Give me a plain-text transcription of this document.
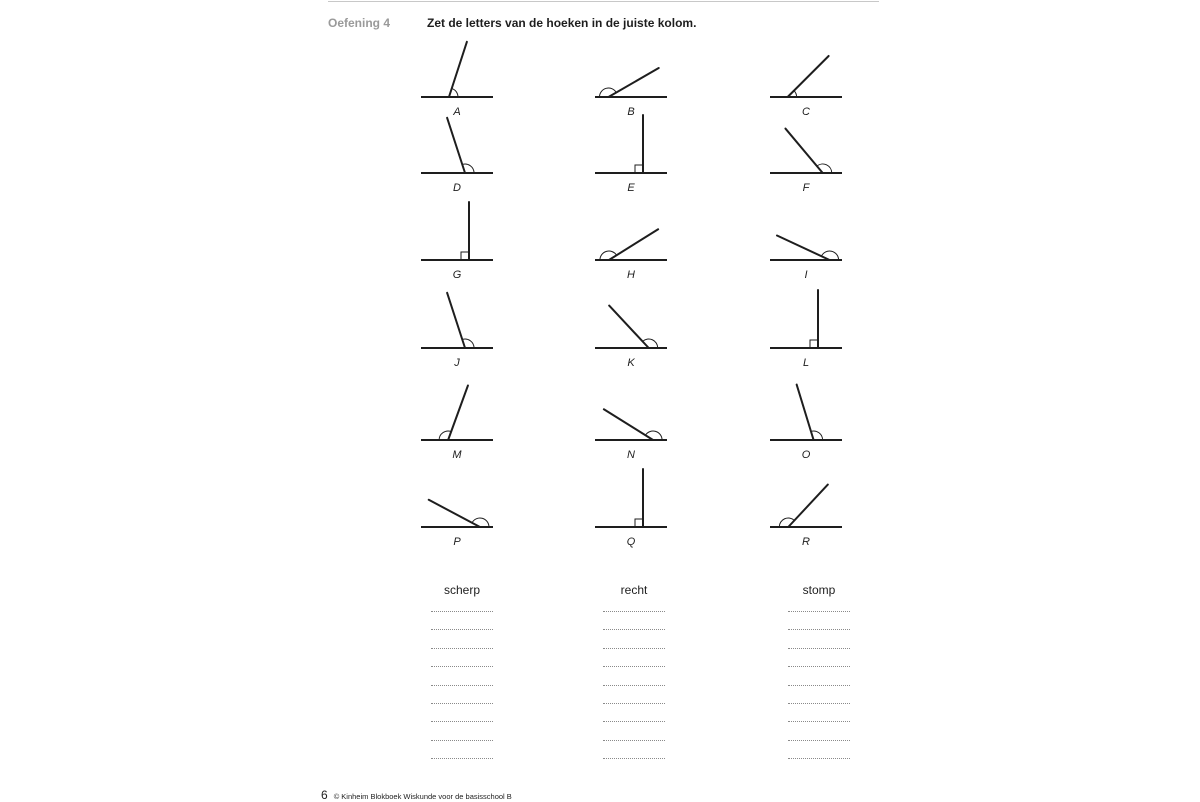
Oefening 4	Zet de letters van de hoeken in de juiste kolom.
A	B	C
D	E	F
G	H	I
J	K	L
M	N	O
P	Q	R
scherp	recht	stomp
6 © Kinheim Blokboek Wiskunde voor de basisschool B
